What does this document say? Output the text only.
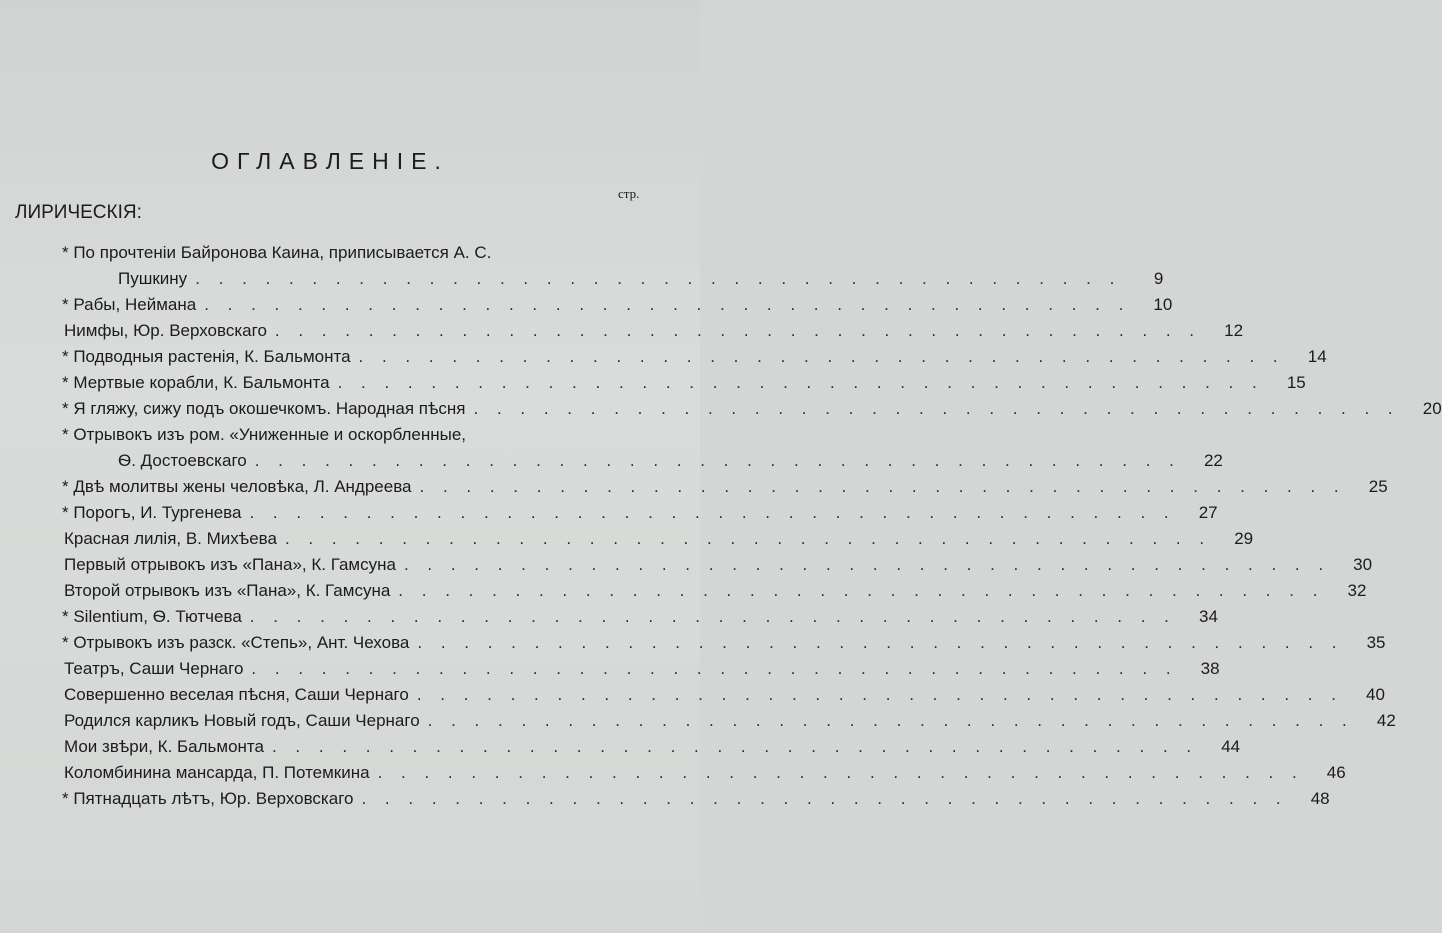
ОГЛАВЛЕНІЕ.
стр.
ЛИРИЧЕСКІЯ:
* По прочтеніи Байронова Каина, приписывается А. С.
Пушкину . . . . . . . . . . . . . . . . . . . . . . . . . . . . . . . . . . . . . . . .	9
* Рабы, Неймана . . . . . . . . . . . . . . . . . . . . . . . . . . . . . . . . . . . . . . . .	10
Нимфы, Юр. Верховскаго . . . . . . . . . . . . . . . . . . . . . . . . . . . . . . . . . . . . . . . .	12
* Подводныя растенія, К. Бальмонта . . . . . . . . . . . . . . . . . . . . . . . . . . . . . . . . . . . . . . . .	14
* Мертвые корабли, К. Бальмонта . . . . . . . . . . . . . . . . . . . . . . . . . . . . . . . . . . . . . . . .	15
* Я гляжу, сижу подъ окошечкомъ. Народная пѣсня . . . . . . . . . . . . . . . . . . . . . . . . . . . . . . . . . . . . . . . .	20
* Отрывокъ изъ ром. «Униженные и оскорбленные,
Ѳ. Достоевскаго . . . . . . . . . . . . . . . . . . . . . . . . . . . . . . . . . . . . . . . .	22
* Двѣ молитвы жены человѣка, Л. Андреева . . . . . . . . . . . . . . . . . . . . . . . . . . . . . . . . . . . . . . . .	25
* Порогъ, И. Тургенева . . . . . . . . . . . . . . . . . . . . . . . . . . . . . . . . . . . . . . . .	27
Красная лилія, В. Михѣева . . . . . . . . . . . . . . . . . . . . . . . . . . . . . . . . . . . . . . . .	29
Первый отрывокъ изъ «Пана», К. Гамсуна . . . . . . . . . . . . . . . . . . . . . . . . . . . . . . . . . . . . . . . .	30
Второй отрывокъ изъ «Пана», К. Гамсуна . . . . . . . . . . . . . . . . . . . . . . . . . . . . . . . . . . . . . . . .	32
* Silentium, Ѳ. Тютчева . . . . . . . . . . . . . . . . . . . . . . . . . . . . . . . . . . . . . . . .	34
* Отрывокъ изъ разск. «Степь», Ант. Чехова . . . . . . . . . . . . . . . . . . . . . . . . . . . . . . . . . . . . . . . .	35
Театръ, Саши Чернаго . . . . . . . . . . . . . . . . . . . . . . . . . . . . . . . . . . . . . . . .	38
Совершенно веселая пѣсня, Саши Чернаго . . . . . . . . . . . . . . . . . . . . . . . . . . . . . . . . . . . . . . . .	40
Родился карликъ Новый годъ, Саши Чернаго . . . . . . . . . . . . . . . . . . . . . . . . . . . . . . . . . . . . . . . .	42
Мои звѣри, К. Бальмонта . . . . . . . . . . . . . . . . . . . . . . . . . . . . . . . . . . . . . . . .	44
Коломбинина мансарда, П. Потемкина . . . . . . . . . . . . . . . . . . . . . . . . . . . . . . . . . . . . . . . .	46
* Пятнадцать лѣтъ, Юр. Верховскаго . . . . . . . . . . . . . . . . . . . . . . . . . . . . . . . . . . . . . . . .	48
